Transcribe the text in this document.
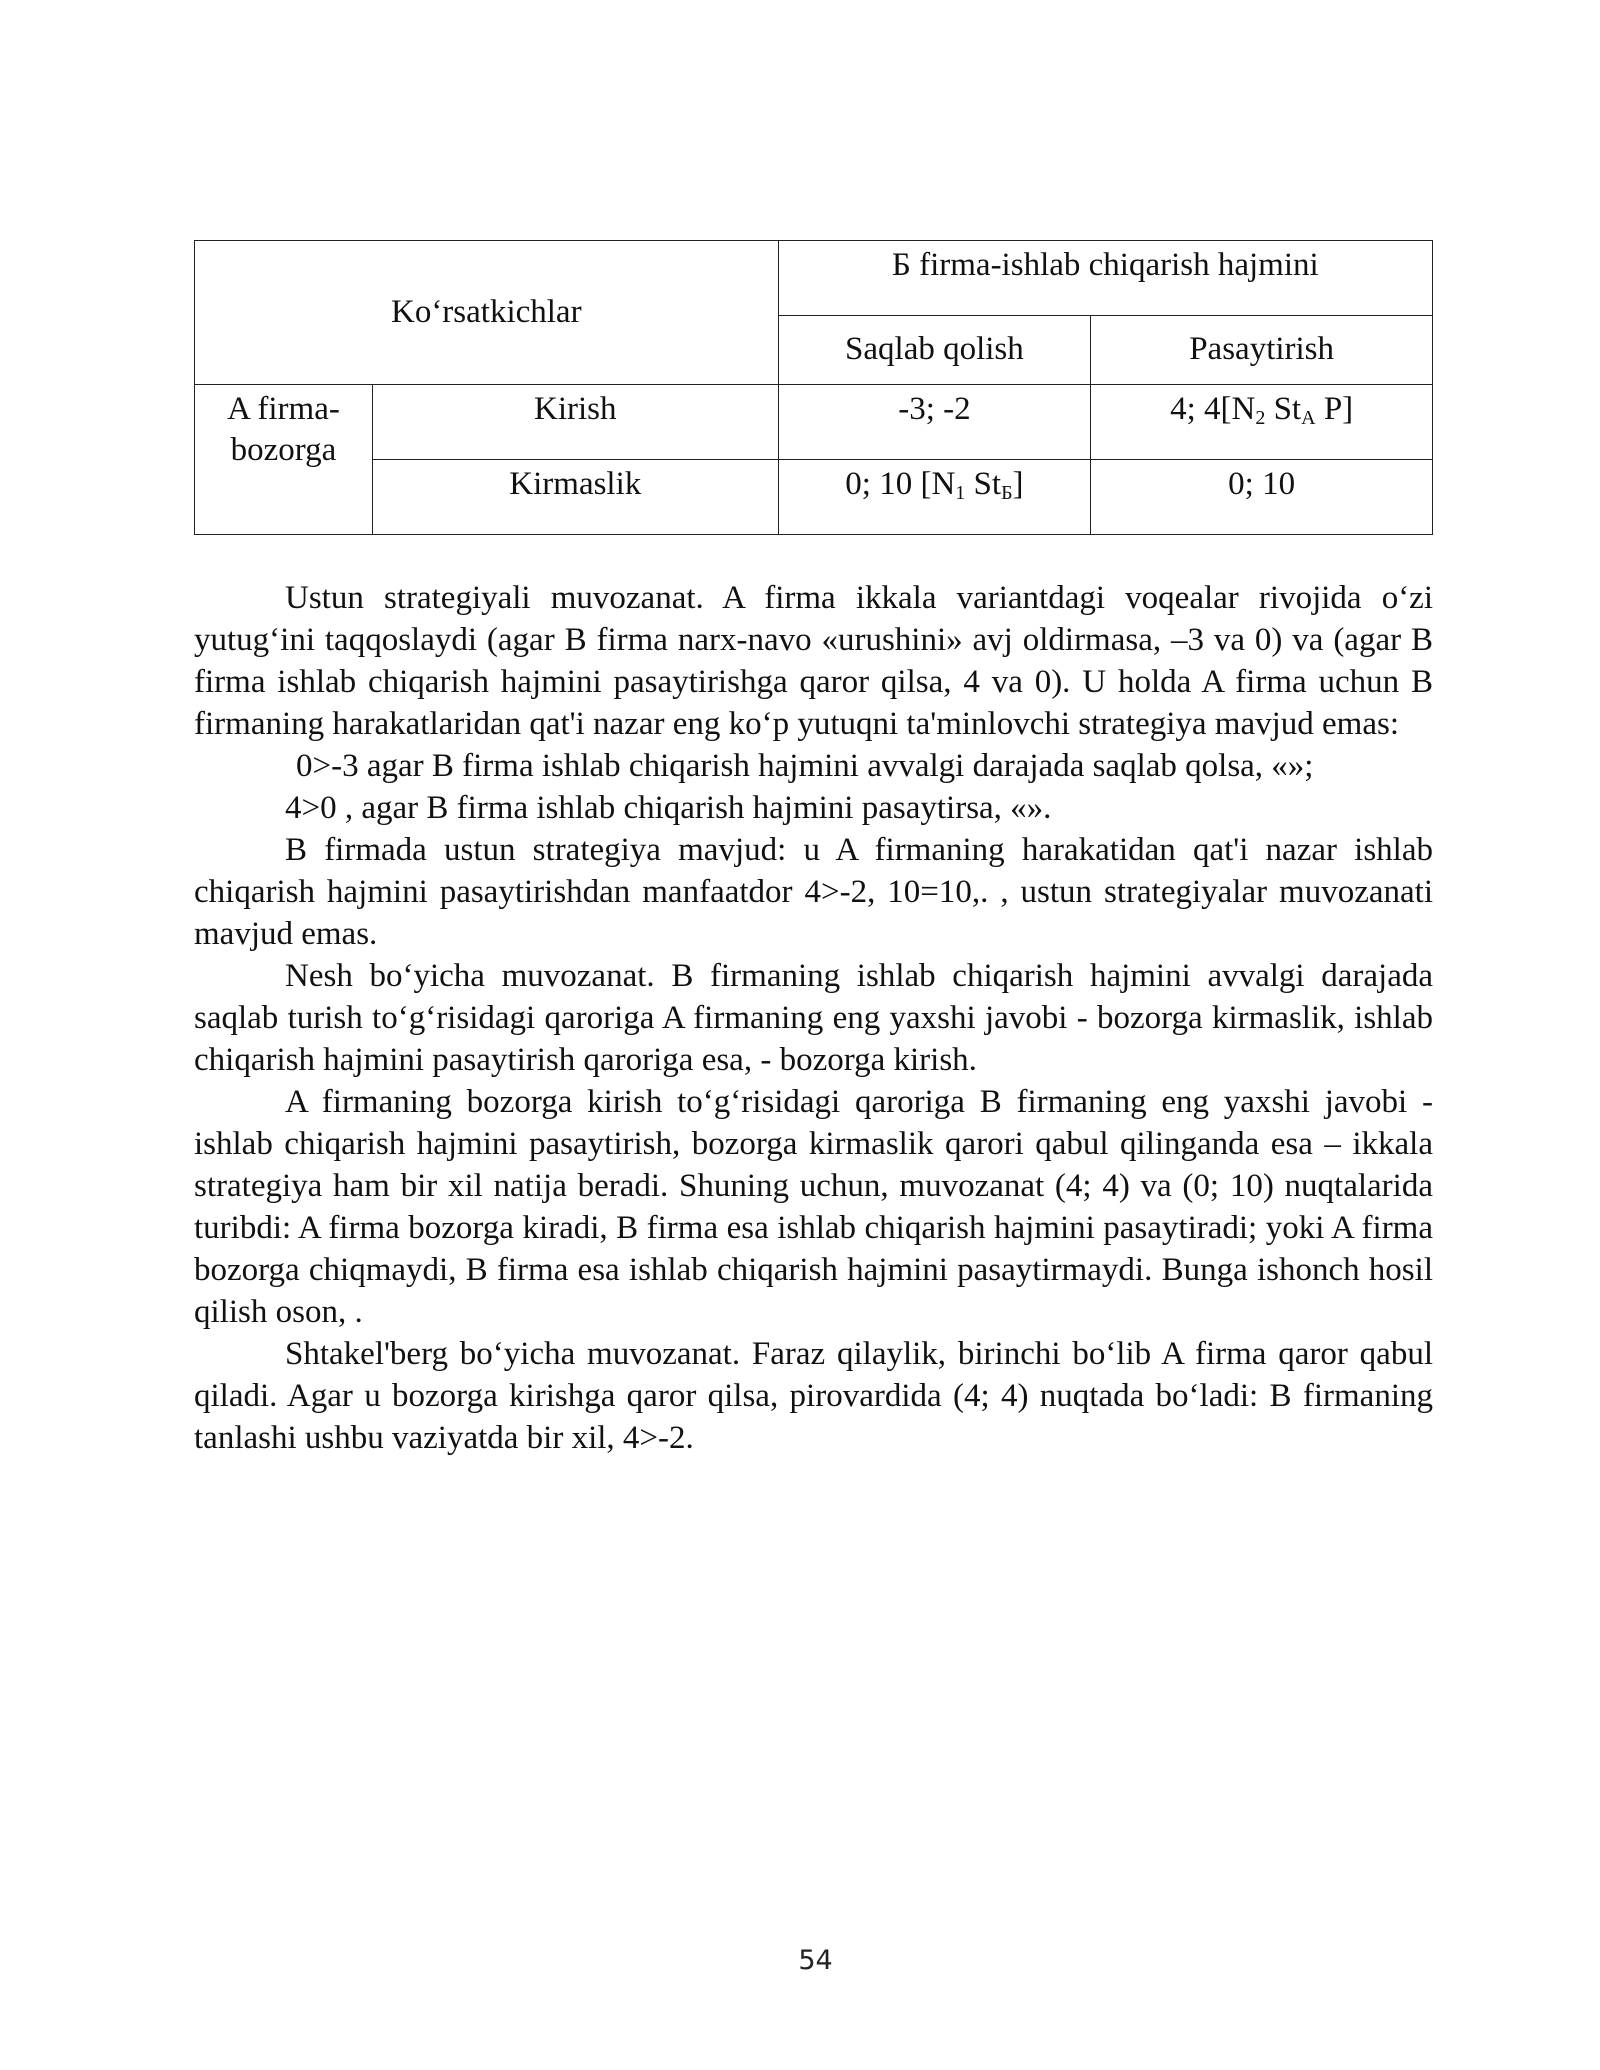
Ko‘rsatkichlar		Б firma-ishlab chiqarish hajmini	
		Saqlab qolish	Pasaytirish

A firma-bozorga	Kirish	-3; -2	4; $4[N_2$ $St_A$ P]
	Kirmaslik	0; 10 [$N_1$ $St_Б$]	0; 10

Ustun strategiyali muvozanat. A firma ikkala variantdagi voqealar rivojida o‘zi yutug‘ini taqqoslaydi (agar B firma narx-navo «urushini» avj oldirmasa, –3 va 0) va (agar B firma ishlab chiqarish hajmini pasaytirishga qaror qilsa, 4 va 0). U holda A firma uchun B firmaning harakatlaridan qat'i nazar eng ko‘p yutuqni ta'minlovchi strategiya mavjud emas:

0>-3 agar B firma ishlab chiqarish hajmini avvalgi darajada saqlab qolsa, «»;

4>0 , agar B firma ishlab chiqarish hajmini pasaytirsa, «».

B firmada ustun strategiya mavjud: u A firmaning harakatidan qat'i nazar ishlab chiqarish hajmini pasaytirishdan manfaatdor 4>-2, 10=10,. , ustun strategiyalar muvozanati mavjud emas.

Nesh bo‘yicha muvozanat. B firmaning ishlab chiqarish hajmini avvalgi darajada saqlab turish to‘g‘risidagi qaroriga A firmaning eng yaxshi javobi - bozorga kirmaslik, ishlab chiqarish hajmini pasaytirish qaroriga esa, - bozorga kirish.

A firmaning bozorga kirish to‘g‘risidagi qaroriga B firmaning eng yaxshi javobi - ishlab chiqarish hajmini pasaytirish, bozorga kirmaslik qarori qabul qilinganda esa – ikkala strategiya ham bir xil natija beradi. Shuning uchun, muvozanat (4; 4) va (0; 10) nuqtalarida turibdi: A firma bozorga kiradi, B firma esa ishlab chiqarish hajmini pasaytiradi; yoki A firma bozorga chiqmaydi, B firma esa ishlab chiqarish hajmini pasaytirmaydi. Bunga ishonch hosil qilish oson, .

Shtakel'berg bo‘yicha muvozanat. Faraz qilaylik, birinchi bo‘lib A firma qaror qabul qiladi. Agar u bozorga kirishga qaror qilsa, pirovardida (4; 4) nuqtada bo‘ladi: B firmaning tanlashi ushbu vaziyatda bir xil, 4>-2.

54
